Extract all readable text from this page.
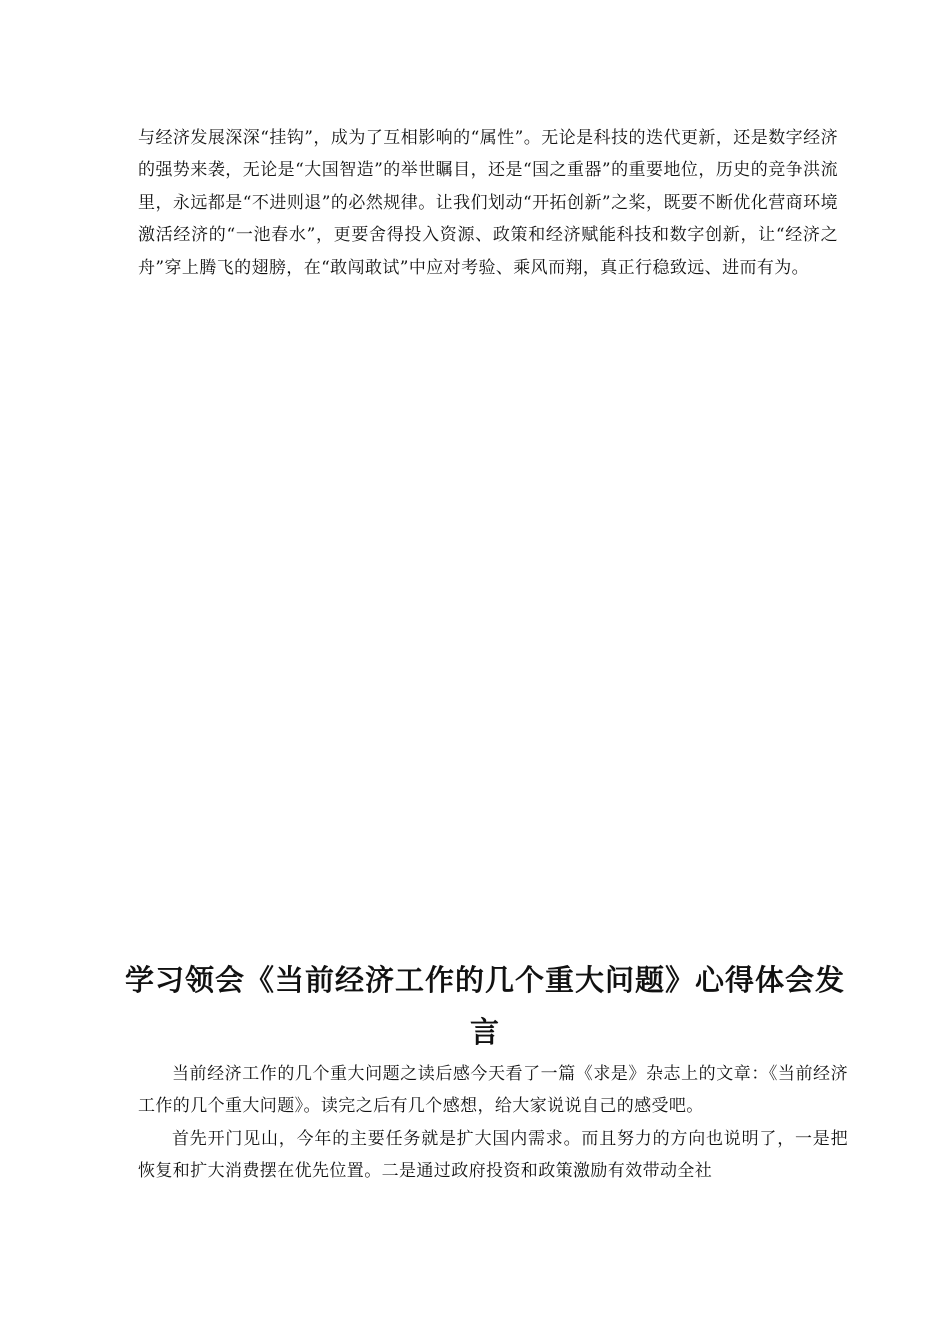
与经济发展深深“挂钩”，成为了互相影响的“属性”。无论是科技的迭代更新，还是数字经济的强势来袭，无论是“大国智造”的举世瞩目，还是“国之重器”的重要地位，历史的竞争洪流里，永远都是“不进则退”的必然规律。让我们划动“开拓创新”之桨，既要不断优化营商环境激活经济的“一池春水”，更要舍得投入资源、政策和经济赋能科技和数字创新，让“经济之舟”穿上腾飞的翅膀，在“敢闯敢试”中应对考验、乘风而翔，真正行稳致远、进而有为。

学习领会《当前经济工作的几个重大问题》心得体会发言

当前经济工作的几个重大问题之读后感今天看了一篇《求是》杂志上的文章：《当前经济工作的几个重大问题》。读完之后有几个感想，给大家说说自己的感受吧。

首先开门见山，今年的主要任务就是扩大国内需求。而且努力的方向也说明了，一是把恢复和扩大消费摆在优先位置。二是通过政府投资和政策激励有效带动全社
